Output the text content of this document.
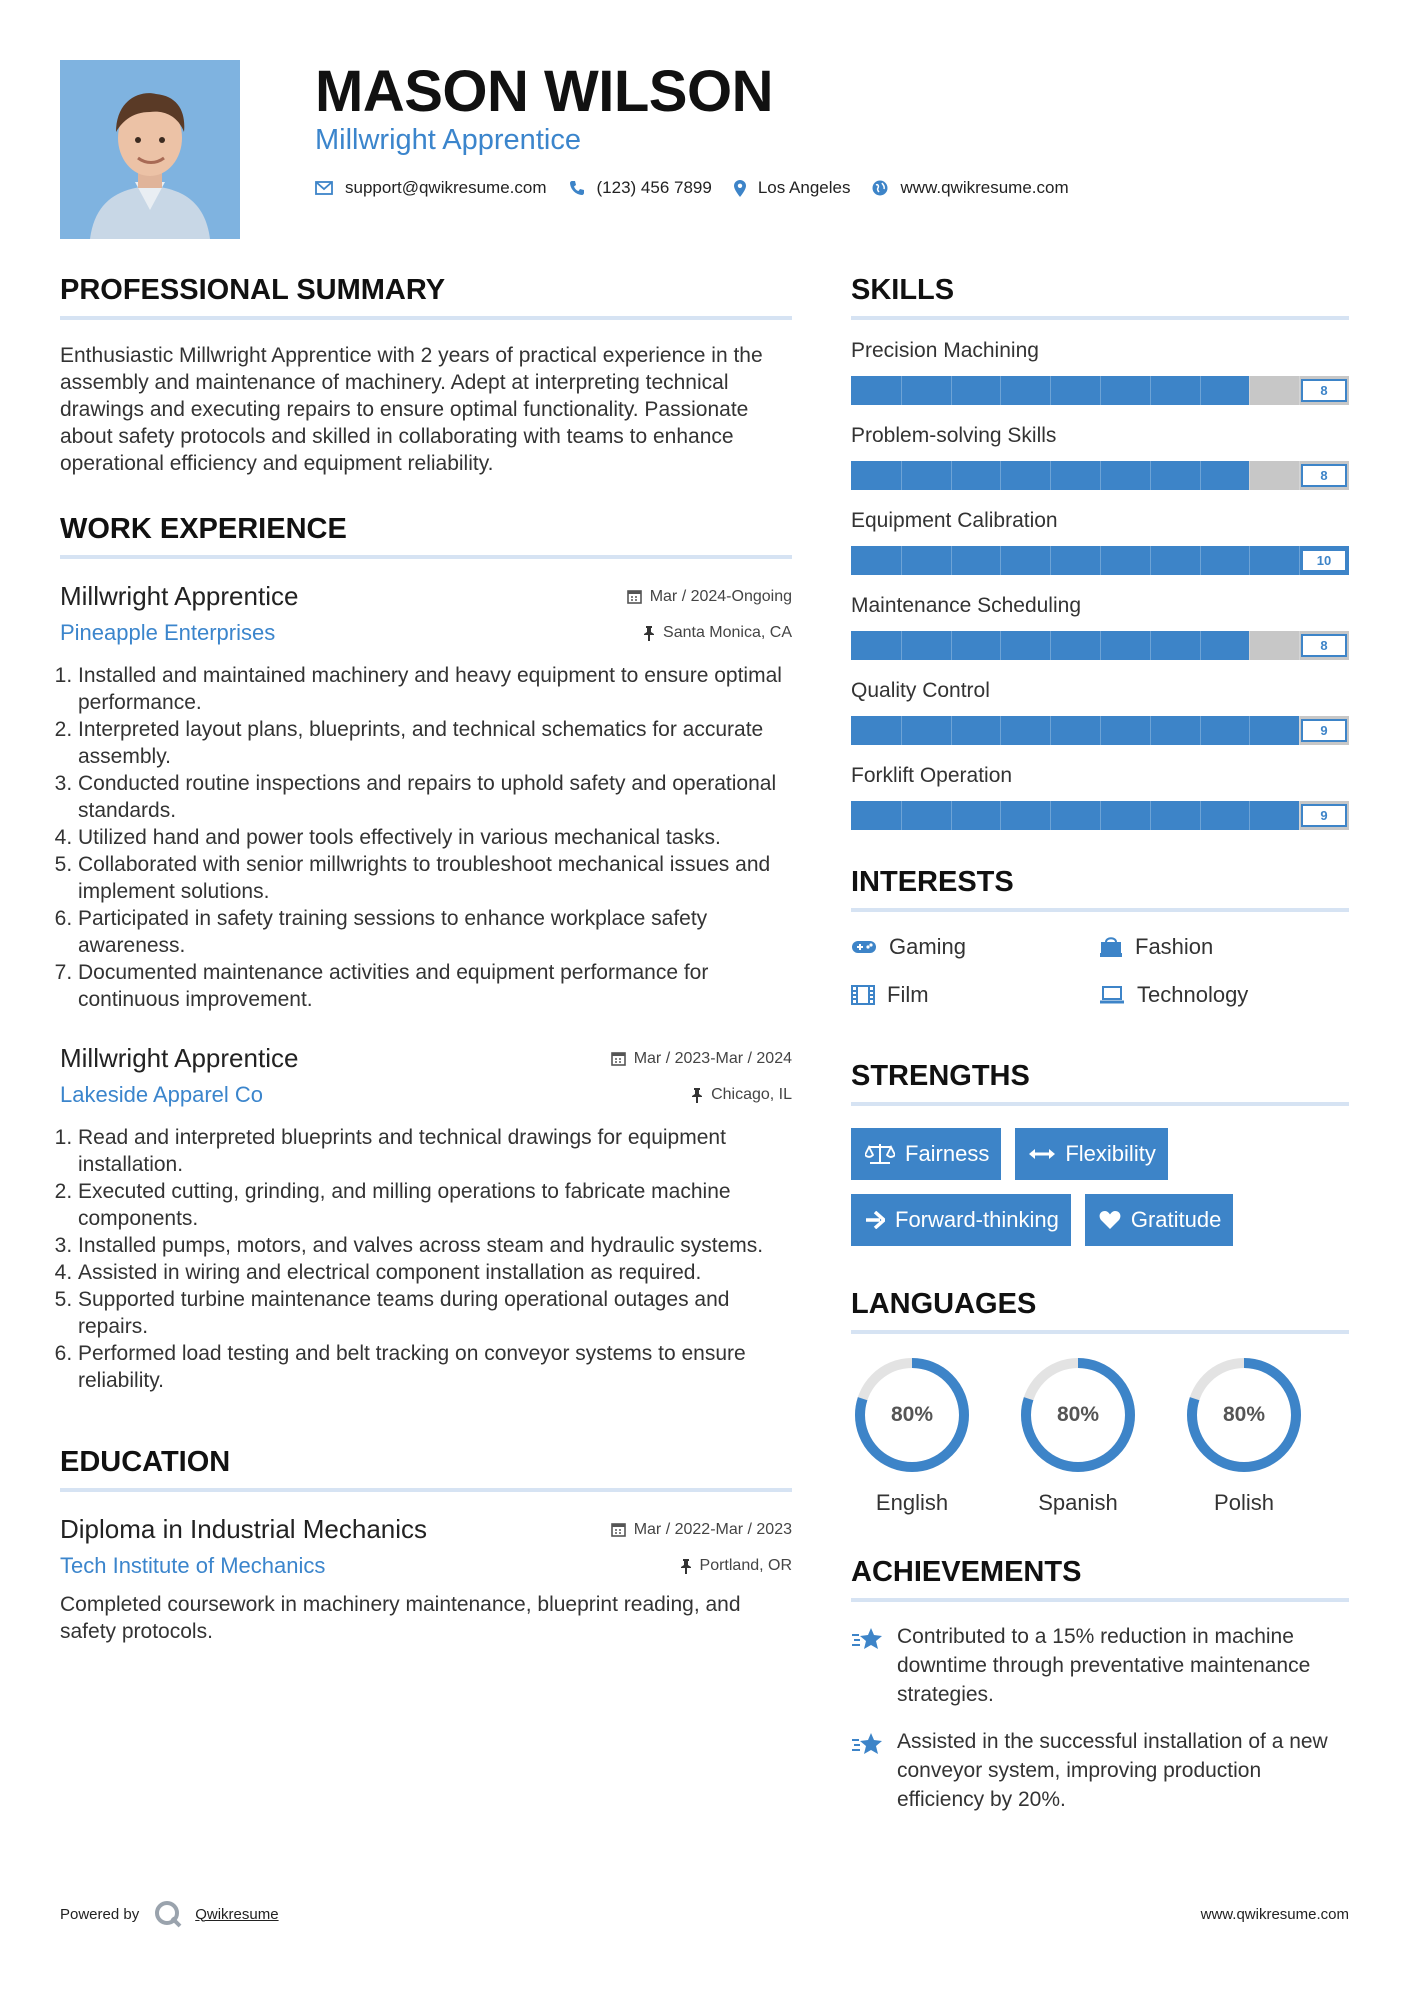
MASON WILSON
Millwright Apprentice
support@qwikresume.com	(123) 456 7899	Los Angeles	www.qwikresume.com
PROFESSIONAL SUMMARY

Enthusiastic Millwright Apprentice with 2 years of practical experience in the assembly and maintenance of machinery. Adept at interpreting technical drawings and executing repairs to ensure optimal functionality. Passionate about safety protocols and skilled in collaborating with teams to enhance operational efficiency and equipment reliability.

WORK EXPERIENCE
Millwright Apprentice	Mar / 2024-Ongoing
Pineapple Enterprises	Santa Monica, CA
1. Installed and maintained machinery and heavy equipment to ensure optimal performance.
2. Interpreted layout plans, blueprints, and technical schematics for accurate assembly.
3. Conducted routine inspections and repairs to uphold safety and operational standards.
4. Utilized hand and power tools effectively in various mechanical tasks.
5. Collaborated with senior millwrights to troubleshoot mechanical issues and implement solutions.
6. Participated in safety training sessions to enhance workplace safety awareness.
7. Documented maintenance activities and equipment performance for continuous improvement.
Millwright Apprentice	Mar / 2023-Mar / 2024
Lakeside Apparel Co	Chicago, IL
1. Read and interpreted blueprints and technical drawings for equipment installation.
2. Executed cutting, grinding, and milling operations to fabricate machine components.
3. Installed pumps, motors, and valves across steam and hydraulic systems.
4. Assisted in wiring and electrical component installation as required.
5. Supported turbine maintenance teams during operational outages and repairs.
6. Performed load testing and belt tracking on conveyor systems to ensure reliability.
EDUCATION
Diploma in Industrial Mechanics	Mar / 2022-Mar / 2023
Tech Institute of Mechanics	Portland, OR

Completed coursework in machinery maintenance, blueprint reading, and safety protocols.

SKILLS
Precision Machining
8
Problem-solving Skills
8
Equipment Calibration
10
Maintenance Scheduling
8
Quality Control
9
Forklift Operation
9
INTERESTS
Gaming	Fashion
Film	Technology
STRENGTHS
Fairness	Flexibility
Forward-thinking	Gratitude
LANGUAGES
80%
English
80%
Spanish
80%
Polish
ACHIEVEMENTS
Contributed to a 15% reduction in machine downtime through preventative maintenance strategies.
Assisted in the successful installation of a new conveyor system, improving production efficiency by 20%.
Powered by	Qwikresume	www.qwikresume.com
